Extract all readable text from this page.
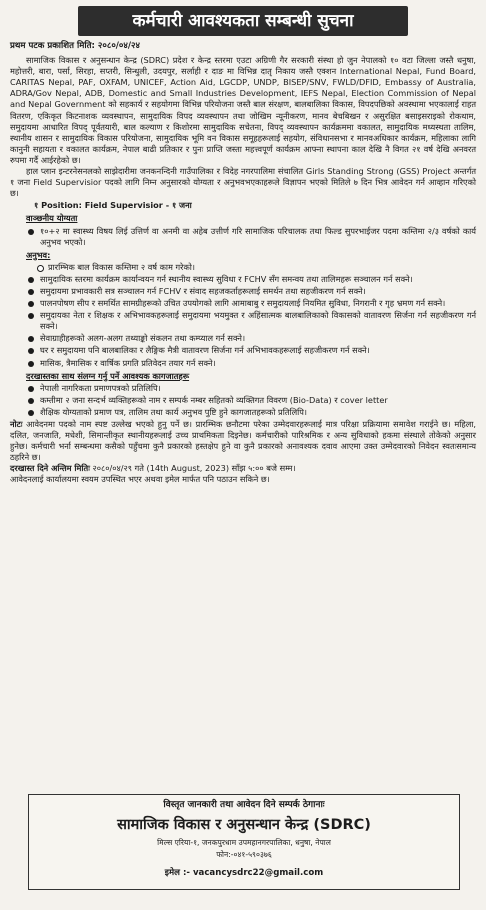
कर्मचारी आवश्यकता सम्बन्धी सुचना

प्रथम पटक प्रकाशित मिति: २०८०/०४/२४

सामाजिक विकास र अनुसन्धान केन्द्र (SDRC) प्रदेश र केन्द्र स्तरमा एउटा अग्रिणी गैर सरकारी संस्था हो जुन नेपालको १० वटा जिल्ला जस्तै धनुषा, महोत्तरी, बारा, पर्सा, सिरहा, सप्तरी, सिन्धुली, उदयपुर, सर्लाही र दाङ मा विभिन्न दातृ निकाय जस्तै एक्शन International Nepal, Fund Board, CARITAS Nepal, PAF, OXFAM, UNICEF, Action Aid, LGCDP, UNDP, BISEP/SNV, FWLD/DFID, Embassy of Australia, ADRA/Gov Nepal, ADB, Domestic and Small Industries Development, IEFS Nepal, Election Commission of Nepal and Nepal Government को सहकार्य र सहयोगमा विभिन्न परियोजना जस्तै बाल संरक्षण, बालबालिका विकास, विपदपछिको अवस्थामा भएकालाई राहत वितरण, एकिकृत किटनाशक व्यवस्थापन, सामुदायिक विपद व्यवस्थापन तथा जोखिम न्यूनीकरण, मानव बेचबिखन र असुरक्षित बसाइसराइको रोकथाम, समुदायमा आधारित विपद् पूर्वतयारी, बाल कल्याण र किशोरमा सामुदायिक सचेतना, विपद् व्यवस्थापन कार्यक्रममा वकालत, सामुदायिक मध्यस्थता तालिम, स्थानीय शासन र सामुदायिक विकास परियोजना, सामुदायिक भूमि वन विकास समूहहरूलाई सहयोग, संविधानसभा र मानवअधिकार कार्यक्रम, महिलाका लागि कानुनी सहायता र वकालत कार्यक्रम, नेपाल बाढी प्रतिकार र पुनः प्राप्ति जस्ता महत्त्वपूर्ण कार्यक्रम आफ्ना स्थापना काल देखि नै विगत २१ वर्ष देखि अनवरत रुपमा गर्दै आईरहेको छ।

हाल प्लान इन्टरनेसनलको साझेदारीमा जनकनन्दिनी गाउँपालिका र विदेह नगरपालिमा संचालित Girls Standing Strong (GSS) Project अन्तर्गत १ जना Field Supervisior पदको लागि निम्न अनुसारको योग्यता र अनुभवभएकाहरूले विज्ञापन भएको मितिले ७ दिन भित्र आवेदन गर्न आव्हान गरिएको छ।

१ Position: Field Supervisior - १ जना

वाञ्छनीय योग्यता

१०+२ मा स्वास्थ्य विषय लिई उत्तिर्ण वा अनमी वा अहेब उत्तीर्ण गरि सामाजिक परिचालक तथा फिल्ड सुपरभाईजर पदमा कम्तिमा २/३ वर्षको कार्य अनुभव भएको।

अनुभव:

प्रारम्भिक बाल विकास कम्तिमा २ वर्ष काम गरेको।
सामुदायिक स्तरमा कार्यक्रम कार्यान्वयन गर्न स्थानीय स्वास्थ्य सुविधा र FCHV सँग समन्वय तथा तालिमहरू सञ्चालन गर्न सक्ने।
समुदायमा प्रभावकारी सत्र सञ्चालन गर्न FCHV र संवाद सहजकर्ताहरूलाई समर्थन तथा सहजीकरण गर्न सक्ने।
पालनपोषण सीप र समर्थित सामग्रीहरूको उचित उपयोगको लागि आमाबाबु र समुदायलाई नियमित सुविधा, निगरानी र गृह भ्रमण गर्न सक्ने।
समुदायका नेता र शिक्षक र अभिभावकहरूलाई समुदायमा भयमुक्त र अहिंसात्मक बालबालिकाको विकासको वातावरण सिर्जना गर्न सहजीकरण गर्न सक्ने।
सेवाग्राहीहरूको अलग-अलग तथ्याङ्को संकलन तथा कम्प्याल गर्न सक्ने।
घर र समुदायमा पनि बालबालिका र लैङ्गिक मैत्री वातावरण सिर्जना गर्न अभिभावकहरूलाई सहजीकरण गर्न सक्ने।
मासिक, त्रैमासिक र वार्षिक प्रगति प्रतिवेदन तयार गर्न सक्ने।

दरखास्तका साथ संलग्न गर्नु पर्ने आवश्यक कागजातहरू

नेपाली नागरिकता प्रमाणपत्रको प्रतिलिपि।
कम्तीमा २ जना सन्दर्भ व्यक्तिहरूको नाम र सम्पर्क नम्बर सहितको व्यक्तिगत विवरण (Bio-Data) र cover letter
शैक्षिक योग्यताको प्रमाण पत्र, तालिम तथा कार्य अनुभव पुष्टि हुने कागजातहरूको प्रतिलिपि।

नोटः आवेदनमा पदको नाम स्पष्ट उल्लेख भएको हुनु पर्ने छ। प्रारम्भिक छनौटमा परेका उम्मेदवारहरूलाई मात्र परिक्षा प्रक्रियामा समावेश गराईने छ। महिला, दलित, जनजाति, मधेशी, सिमान्तीकृत स्थानीयहरूलाई उच्च प्राथमिकता दिइनेछ। कर्मचारीको पारिश्रमिक र अन्य सुविधाको हकमा संस्थाले तोकेको अनुसार हुनेछ। कर्मचारी भर्ना सम्बन्धमा कसैको पहुँचमा कुनै प्रकारको हस्तक्षेप हुने वा कुनै प्रकारको अनावश्यक दवाव आएमा उक्त उम्मेदवारको निवेदन स्वतःसमान्य ठहरिने छ।

दरखास्त दिने अन्तिम मितिः २०८०/०४/२९ गते (14th August, 2023) साँझ ५:०० बजे सम्म।

आवेदनलाई कार्यालयमा स्वयम उपस्थित भएर अथवा इमेल मार्फत पनि पठाउन सकिने छ।

विस्तृत जानकारी तथा आवेदन दिने सम्पर्क ठेगानाः
सामाजिक विकास र अनुसन्धान केन्द्र (SDRC)
मिल्स एरिया-१, जनकपुरधाम उपमहानगरपालिका, धनुषा, नेपाल
फोन:-०४१-५९०३७६
इमेल :- vacancysdrc22@gmail.com
